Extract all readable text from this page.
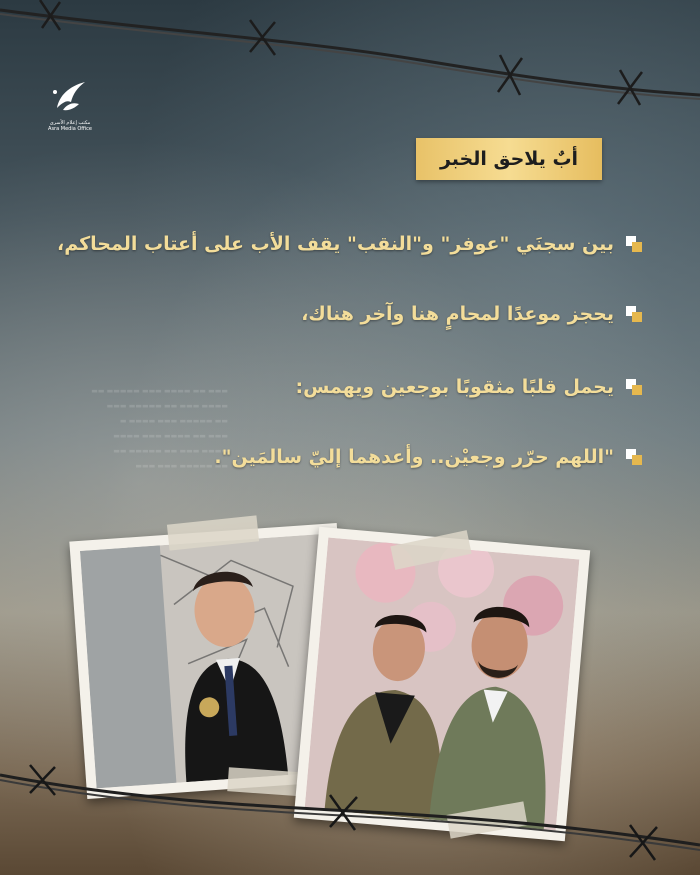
مكتب إعلام الأسرى
Asra Media Office
أبٌ يلاحق الخبر
▬▬▬ ▬▬ ▬▬▬▬ ▬▬▬ ▬▬▬▬▬ ▬▬
▬▬▬▬ ▬▬▬ ▬▬ ▬▬▬▬▬ ▬▬▬
▬▬ ▬▬▬▬▬ ▬▬▬ ▬▬▬▬ ▬
▬▬▬ ▬▬ ▬▬▬▬ ▬▬▬ ▬▬▬▬
▬▬▬▬ ▬▬▬ ▬▬ ▬▬▬▬▬ ▬▬
▬▬ ▬▬▬▬▬ ▬▬▬ ▬▬▬
بين سجنَي "عوفر" و"النقب" يقف الأب على أعتاب المحاكم،
يحجز موعدًا لمحامٍ هنا وآخر هناك،
يحمل قلبًا مثقوبًا بوجعين ويهمس:
"اللهم حرّر وجعيْن.. وأعدهما إليّ سالمَين".
